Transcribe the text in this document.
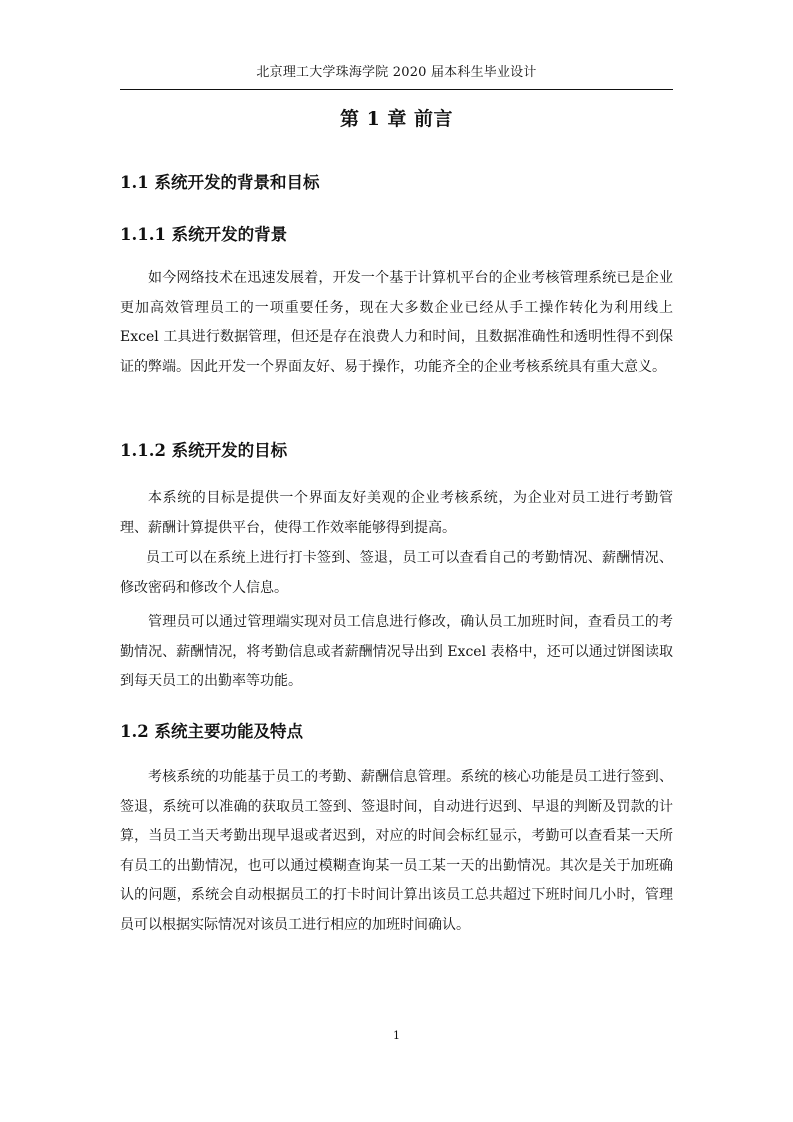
北京理工大学珠海学院 2020 届本科生毕业设计
第 1 章 前言
1.1 系统开发的背景和目标
1.1.1 系统开发的背景

如今网络技术在迅速发展着，开发一个基于计算机平台的企业考核管理系统已是企业更加高效管理员工的一项重要任务，现在大多数企业已经从手工操作转化为利用线上 Excel 工具进行数据管理，但还是存在浪费人力和时间，且数据准确性和透明性得不到保证的弊端。因此开发一个界面友好、易于操作，功能齐全的企业考核系统具有重大意义。

1.1.2 系统开发的目标

本系统的目标是提供一个界面友好美观的企业考核系统，为企业对员工进行考勤管理、薪酬计算提供平台，使得工作效率能够得到提高。

员工可以在系统上进行打卡签到、签退，员工可以查看自己的考勤情况、薪酬情况、修改密码和修改个人信息。

管理员可以通过管理端实现对员工信息进行修改，确认员工加班时间，查看员工的考勤情况、薪酬情况，将考勤信息或者薪酬情况导出到 Excel 表格中，还可以通过饼图读取到每天员工的出勤率等功能。

1.2 系统主要功能及特点

考核系统的功能基于员工的考勤、薪酬信息管理。系统的核心功能是员工进行签到、签退，系统可以准确的获取员工签到、签退时间，自动进行迟到、早退的判断及罚款的计算，当员工当天考勤出现早退或者迟到，对应的时间会标红显示，考勤可以查看某一天所有员工的出勤情况，也可以通过模糊查询某一员工某一天的出勤情况。其次是关于加班确认的问题，系统会自动根据员工的打卡时间计算出该员工总共超过下班时间几小时，管理员可以根据实际情况对该员工进行相应的加班时间确认。

1
